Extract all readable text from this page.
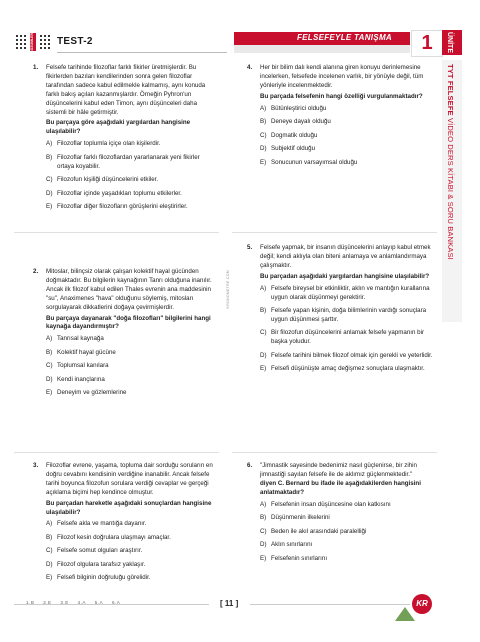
ÇÖZÜMLER TEST-2	FELSEFEYLE TANIŞMA	1	ÜNİTE
TYT FELSEFE VİDEO DERS KİTABI & SORU BANKASI
KRONOMETRE.COM
1. Felsefe tarihinde filozoflar farklı fikirler üretmişlerdir. Bu fikirlerden bazıları kendilerinden sonra gelen filozoflar tarafından sadece kabul edilmekle kalmamış, aynı konuda farklı bakış açıları kazanmışlardır. Örneğin Pyhron'un düşüncelerini kabul eden Timon, aynı düşünceleri daha sistemli bir hâle getirmiştir.

Bu parçaya göre aşağıdaki yargılardan hangisine ulaşılabilir?

A) Filozoflar toplumla içiçe olan kişilerdir.
B) Filozoflar farklı filozoflardan yararlanarak yeni fikirler ortaya koyabilir.
C) Filozofun kişiliği düşüncelerini etkiler.
D) Filozoflar içinde yaşadıkları toplumu etkilerler.
E) Filozoflar diğer filozofların görüşlerini eleştirirler.
2. Mitoslar, bilinçsiz olarak çalışan kolektif hayal gücünden doğmaktadır. Bu bilgilerin kaynağının Tanrı olduğuna inanılır. Ancak ilk filozof kabul edilen Thales evrenin ana maddesinin "su", Anaximenes "hava" olduğunu söylemiş, mitosları sorgulayarak dikkatlerini doğaya çevirmişlerdir.

Bu parçaya dayanarak "doğa filozofları" bilgilerini hangi kaynağa dayandırmıştır?

A) Tanrısal kaynağa
B) Kolektif hayal gücüne
C) Toplumsal kanılara
D) Kendi inançlarına
E) Deneyim ve gözlemlerine
3. Filozoflar evrene, yaşama, topluma dair sorduğu soruların en doğru cevabını kendisinin verdiğine inanabilir. Ancak felsefe tarihi boyunca filozofun sorulara verdiği cevaplar ve gerçeği açıklama biçimi hep kendince olmuştur.

Bu parçadan hareketle aşağıdaki sonuçlardan hangisine ulaşılabilir?

A) Felsefe akla ve mantığa dayanır.
B) Filozof kesin doğrulara ulaşmayı amaçlar.
C) Felsefe somut olguları araştırır.
D) Filozof olgulara tarafsız yaklaşır.
E) Felsefi bilginin doğruluğu görelidir.
4. Her bir bilim dalı kendi alanına giren konuyu derinlemesine incelerken, felsefede incelenen varlık, bir yönüyle değil, tüm yönleriyle incelenmektedir.

Bu parçada felsefenin hangi özelliği vurgulanmaktadır?

A) Bütünleştirici olduğu
B) Deneye dayalı olduğu
C) Dogmatik olduğu
D) Subjektif olduğu
E) Sonucunun varsayımsal olduğu
5. Felsefe yapmak, bir insanın düşüncelerini anlayıp kabul etmek değil; kendi aklıyla olan biteni anlamaya ve anlamlandırmaya çalışmaktır.

Bu parçadan aşağıdaki yargılardan hangisine ulaşılabilir?

A) Felsefe bireysel bir etkinliktir, aklın ve mantığın kurallarına uygun olarak düşünmeyi gerektirir.
B) Felsefe yapan kişinin, doğa bilimlerinin vardığı sonuçlara uygun düşünmesi şarttır.
C) Bir filozofun düşüncelerini anlamak felsefe yapmanın bir başka yoludur.
D) Felsefe tarihini bilmek filozof olmak için gerekli ve yeterlidir.
E) Felsefi düşünüşte amaç değişmez sonuçlara ulaşmaktır.
6. "Jimnastik sayesinde bedenimiz nasıl güçlenirse, bir zihin jimnastiği sayılan felsefe ile de aklımız güçlenmektedir."

diyen C. Bernard bu ifade ile aşağıdakilerden hangisini anlatmaktadır?

A) Felsefenin insan düşüncesine olan katkısını
B) Düşünmenin ilkelerini
C) Beden ile akıl arasındaki paralelliği
D) Aklın sınırlarını
E) Felsefenin sınırlarını
1.B 2.E 3.E 4.A 5.A 6.A	[ 11 ]	KR
